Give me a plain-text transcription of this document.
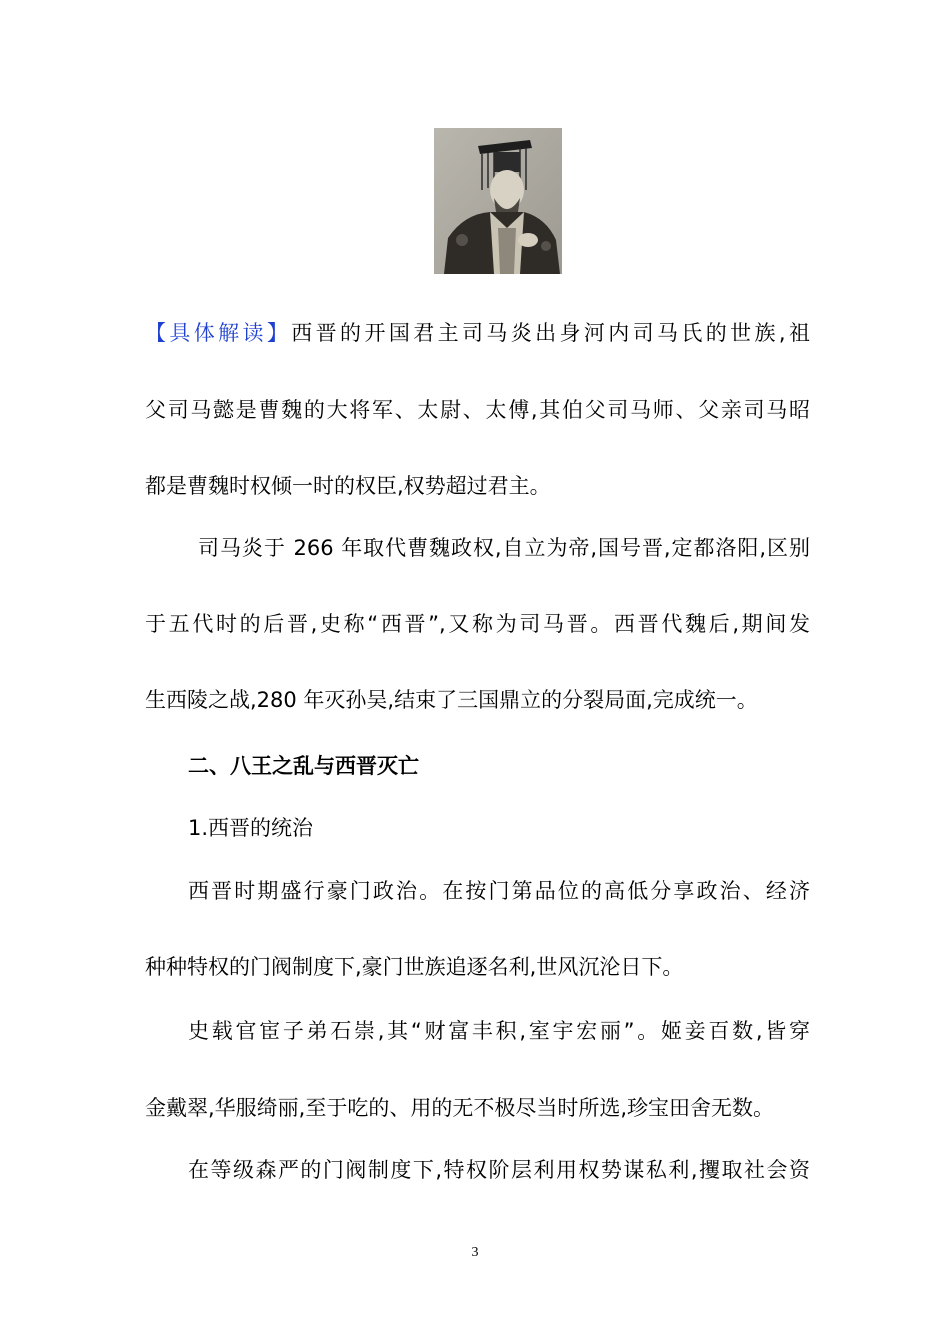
【具体解读】西晋的开国君主司马炎出身河内司马氏的世族,祖
父司马懿是曹魏的大将军、太尉、太傅,其伯父司马师、父亲司马昭
都是曹魏时权倾一时的权臣,权势超过君主。
司马炎于 266 年取代曹魏政权,自立为帝,国号晋,定都洛阳,区别
于五代时的后晋,史称“西晋”,又称为司马晋。西晋代魏后,期间发
生西陵之战,280 年灭孙吴,结束了三国鼎立的分裂局面,完成统一。
二、八王之乱与西晋灭亡
1.西晋的统治
西晋时期盛行豪门政治。在按门第品位的高低分享政治、经济
种种特权的门阀制度下,豪门世族追逐名利,世风沉沦日下。
史载官宦子弟石崇,其“财富丰积,室宇宏丽”。姬妾百数,皆穿
金戴翠,华服绮丽,至于吃的、用的无不极尽当时所选,珍宝田舍无数。
在等级森严的门阀制度下,特权阶层利用权势谋私利,攫取社会资
3
